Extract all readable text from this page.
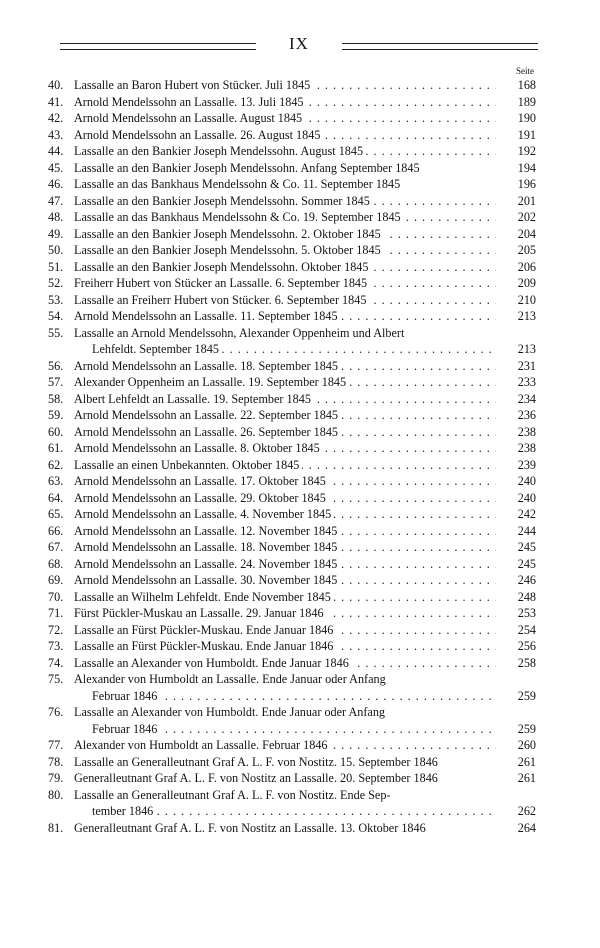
IX
Seite
40. Lassalle an Baron Hubert von Stücker. Juli 1845	168
. . .
41. Arnold Mendelssohn an Lassalle. 13. Juli 1845	189
. . .
42. Arnold Mendelssohn an Lassalle. August 1845	190
. . .
43. Arnold Mendelssohn an Lassalle. 26. August 1845	191
. . .
44. Lassalle an den Bankier Joseph Mendelssohn. August 1845	192
. . .
45. Lassalle an den Bankier Joseph Mendelssohn. Anfang September 1845	194
46. Lassalle an das Bankhaus Mendelssohn & Co. 11. September 1845	196
47. Lassalle an den Bankier Joseph Mendelssohn. Sommer 1845	201
. . .
48. Lassalle an das Bankhaus Mendelssohn & Co. 19. September 1845	202
. . .
49. Lassalle an den Bankier Joseph Mendelssohn. 2. Oktober 1845	204
. . .
50. Lassalle an den Bankier Joseph Mendelssohn. 5. Oktober 1845	205
. . .
51. Lassalle an den Bankier Joseph Mendelssohn. Oktober 1845	206
. . .
52. Freiherr Hubert von Stücker an Lassalle. 6. September 1845	209
. . .
53. Lassalle an Freiherr Hubert von Stücker. 6. September 1845	210
. . .
54. Arnold Mendelssohn an Lassalle. 11. September 1845	213
. . .
55. Lassalle an Arnold Mendelssohn, Alexander Oppenheim und Albert
Lehfeldt. September 1845	213
. . .
56. Arnold Mendelssohn an Lassalle. 18. September 1845	231
. . .
57. Alexander Oppenheim an Lassalle. 19. September 1845	233
. . .
58. Albert Lehfeldt an Lassalle. 19. September 1845	234
. . .
59. Arnold Mendelssohn an Lassalle. 22. September 1845	236
. . .
60. Arnold Mendelssohn an Lassalle. 26. September 1845	238
. . .
61. Arnold Mendelssohn an Lassalle. 8. Oktober 1845	238
. . .
62. Lassalle an einen Unbekannten. Oktober 1845	239
. . .
63. Arnold Mendelssohn an Lassalle. 17. Oktober 1845	240
. . .
64. Arnold Mendelssohn an Lassalle. 29. Oktober 1845	240
. . .
65. Arnold Mendelssohn an Lassalle. 4. November 1845	242
. . .
66. Arnold Mendelssohn an Lassalle. 12. November 1845	244
. . .
67. Arnold Mendelssohn an Lassalle. 18. November 1845	245
. . .
68. Arnold Mendelssohn an Lassalle. 24. November 1845	245
. . .
69. Arnold Mendelssohn an Lassalle. 30. November 1845	246
. . .
70. Lassalle an Wilhelm Lehfeldt. Ende November 1845	248
. . .
71. Fürst Pückler-Muskau an Lassalle. 29. Januar 1846	253
. . .
72. Lassalle an Fürst Pückler-Muskau. Ende Januar 1846	254
. . .
73. Lassalle an Fürst Pückler-Muskau. Ende Januar 1846	256
. . .
74. Lassalle an Alexander von Humboldt. Ende Januar 1846	258
. . .
75. Alexander von Humboldt an Lassalle. Ende Januar oder Anfang
Februar 1846	259
. . .
76. Lassalle an Alexander von Humboldt. Ende Januar oder Anfang
Februar 1846	259
. . .
77. Alexander von Humboldt an Lassalle. Februar 1846	260
. . .
78. Lassalle an Generalleutnant Graf A. L. F. von Nostitz. 15. September 1846	261
79. Generalleutnant Graf A. L. F. von Nostitz an Lassalle. 20. September 1846	261
80. Lassalle an Generalleutnant Graf A. L. F. von Nostitz. Ende Sep-
tember 1846	262
. . .
81. Generalleutnant Graf A. L. F. von Nostitz an Lassalle. 13. Oktober 1846	264
